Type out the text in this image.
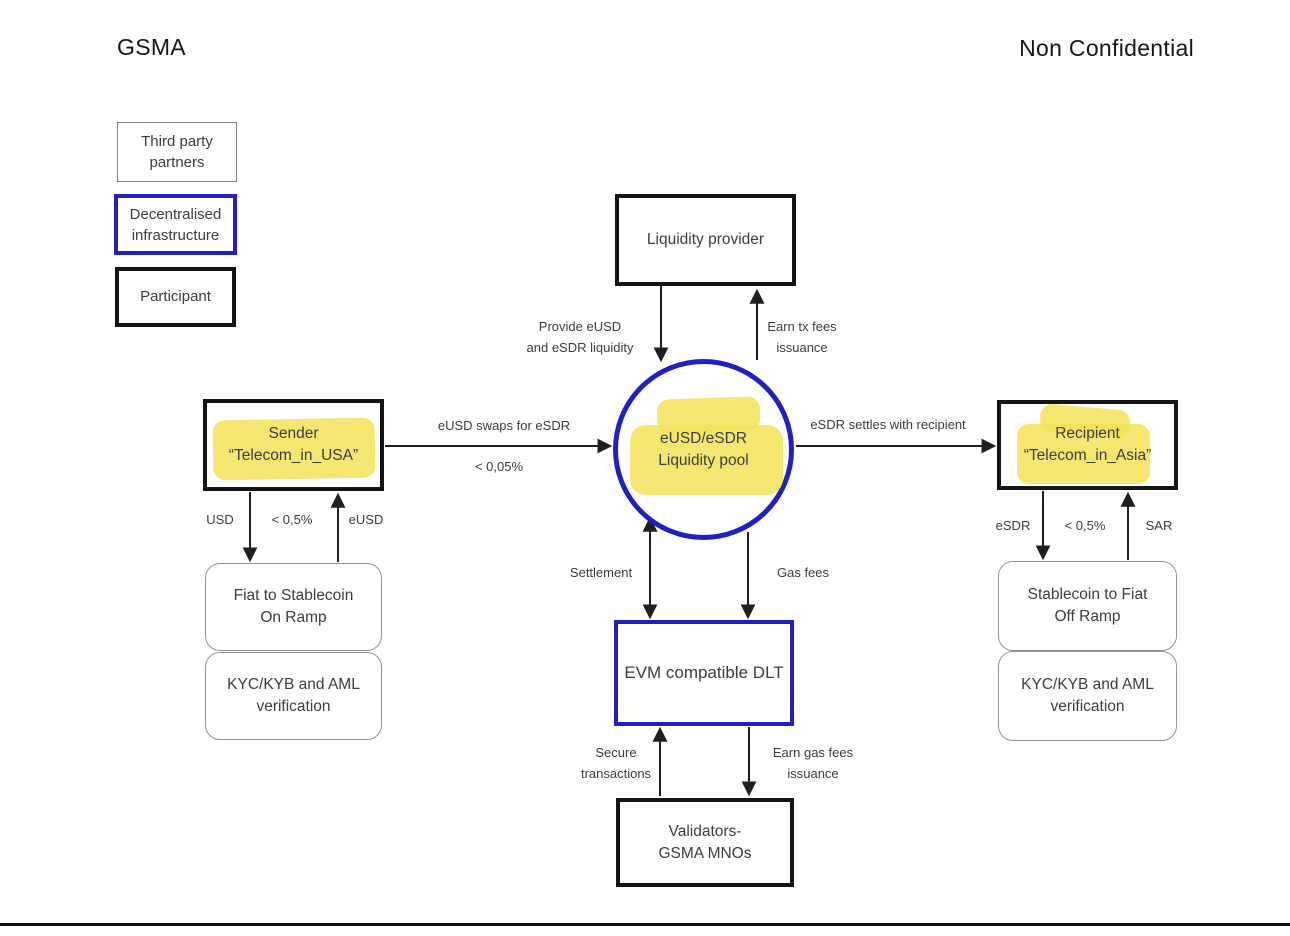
GSMA	Non Confidential
Third party partners
Decentralised infrastructure
Participant
Liquidity provider
eUSD/eSDR
Liquidity pool
Sender
“Telecom_in_USA”
Recipient
“Telecom_in_Asia”
Fiat to Stablecoin
On Ramp
KYC/KYB and AML
verification
Stablecoin to Fiat
Off Ramp
KYC/KYB and AML
verification
EVM compatible DLT
Validators-
GSMA MNOs
Provide eUSD
and eSDR liquidity
Earn tx fees
issuance
eUSD swaps for eSDR
< 0,05%
eSDR settles with recipient
USD	< 0,5%	eUSD	eSDR	< 0,5%	SAR
Settlement	Gas fees
Secure
transactions
Earn gas fees
issuance
